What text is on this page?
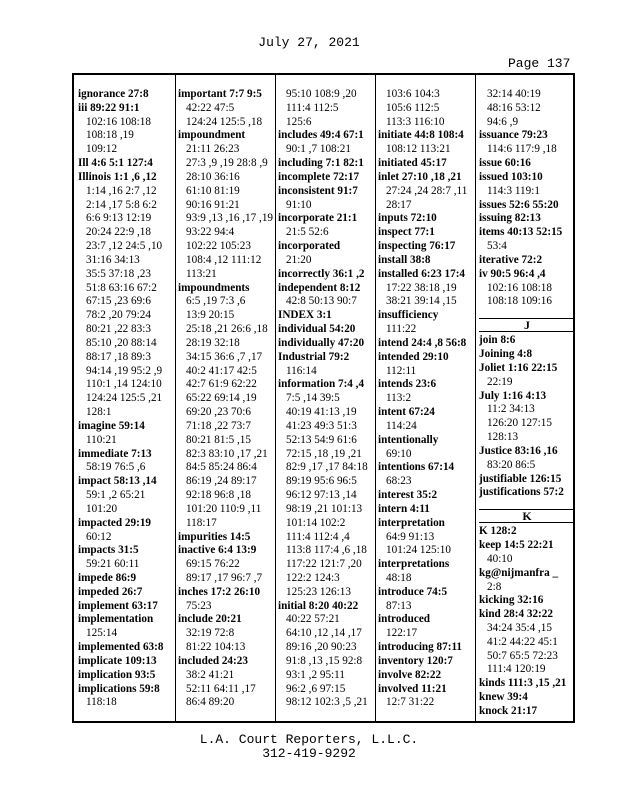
July 27, 2021
Page 137
ignorance 27:8
iii 89:22 91:1
102:16 108:18
108:18 ,19
109:12
Ill 4:6 5:1 127:4
Illinois 1:1 ,6 ,12
1:14 ,16 2:7 ,12
2:14 ,17 5:8 6:2
6:6 9:13 12:19
20:24 22:9 ,18
23:7 ,12 24:5 ,10
31:16 34:13
35:5 37:18 ,23
51:8 63:16 67:2
67:15 ,23 69:6
78:2 ,20 79:24
80:21 ,22 83:3
85:10 ,20 88:14
88:17 ,18 89:3
94:14 ,19 95:2 ,9
110:1 ,14 124:10
124:24 125:5 ,21
128:1
imagine 59:14
110:21
immediate 7:13
58:19 76:5 ,6
impact 58:13 ,14
59:1 ,2 65:21
101:20
impacted 29:19
60:12
impacts 31:5
59:21 60:11
impede 86:9
impeded 26:7
implement 63:17
implementation
125:14
implemented 63:8
implicate 109:13
implication 93:5
implications 59:8
118:18
important 7:7 9:5
42:22 47:5
124:24 125:5 ,18
impoundment
21:11 26:23
27:3 ,9 ,19 28:8 ,9
28:10 36:16
61:10 81:19
90:16 91:21
93:9 ,13 ,16 ,17 ,19
93:22 94:4
102:22 105:23
108:4 ,12 111:12
113:21
impoundments
6:5 ,19 7:3 ,6
13:9 20:15
25:18 ,21 26:6 ,18
28:19 32:18
34:15 36:6 ,7 ,17
40:2 41:17 42:5
42:7 61:9 62:22
65:22 69:14 ,19
69:20 ,23 70:6
71:18 ,22 73:7
80:21 81:5 ,15
82:3 83:10 ,17 ,21
84:5 85:24 86:4
86:19 ,24 89:17
92:18 96:8 ,18
101:20 110:9 ,11
118:17
impurities 14:5
inactive 6:4 13:9
69:15 76:22
89:17 ,17 96:7 ,7
inches 17:2 26:10
75:23
include 20:21
32:19 72:8
81:22 104:13
included 24:23
38:2 41:21
52:11 64:11 ,17
86:4 89:20
95:10 108:9 ,20
111:4 112:5
125:6
includes 49:4 67:1
90:1 ,7 108:21
including 7:1 82:1
incomplete 72:17
inconsistent 91:7
91:10
incorporate 21:1
21:5 52:6
incorporated
21:20
incorrectly 36:1 ,2
independent 8:12
42:8 50:13 90:7
INDEX 3:1
individual 54:20
individually 47:20
Industrial 79:2
116:14
information 7:4 ,4
7:5 ,14 39:5
40:19 41:13 ,19
41:23 49:3 51:3
52:13 54:9 61:6
72:15 ,18 ,19 ,21
82:9 ,17 ,17 84:18
89:19 95:6 96:5
96:12 97:13 ,14
98:19 ,21 101:13
101:14 102:2
111:4 112:4 ,4
113:8 117:4 ,6 ,18
117:22 121:7 ,20
122:2 124:3
125:23 126:13
initial 8:20 40:22
40:22 57:21
64:10 ,12 ,14 ,17
89:16 ,20 90:23
91:8 ,13 ,15 92:8
93:1 ,2 95:11
96:2 ,6 97:15
98:12 102:3 ,5 ,21
103:6 104:3
105:6 112:5
113:3 116:10
initiate 44:8 108:4
108:12 113:21
initiated 45:17
inlet 27:10 ,18 ,21
27:24 ,24 28:7 ,11
28:17
inputs 72:10
inspect 77:1
inspecting 76:17
install 38:8
installed 6:23 17:4
17:22 38:18 ,19
38:21 39:14 ,15
insufficiency
111:22
intend 24:4 ,8 56:8
intended 29:10
112:11
intends 23:6
113:2
intent 67:24
114:24
intentionally
69:10
intentions 67:14
68:23
interest 35:2
intern 4:11
interpretation
64:9 91:13
101:24 125:10
interpretations
48:18
introduce 74:5
87:13
introduced
122:17
introducing 87:11
inventory 120:7
involve 82:22
involved 11:21
12:7 31:22
32:14 40:19
48:16 53:12
94:6 ,9
issuance 79:23
114:6 117:9 ,18
issue 60:16
issued 103:10
114:3 119:1
issues 52:6 55:20
issuing 82:13
items 40:13 52:15
53:4
iterative 72:2
iv 90:5 96:4 ,4
102:16 108:18
108:18 109:16
J
join 8:6
Joining 4:8
Joliet 1:16 22:15
22:19
July 1:16 4:13
11:2 34:13
126:20 127:15
128:13
Justice 83:16 ,16
83:20 86:5
justifiable 126:15
justifications 57:2
K
K 128:2
keep 14:5 22:21
40:10
kg@nijmanfra _
2:8
kicking 32:16
kind 28:4 32:22
34:24 35:4 ,15
41:2 44:22 45:1
50:7 65:5 72:23
111:4 120:19
kinds 111:3 ,15 ,21
knew 39:4
knock 21:17
L.A. Court Reporters, L.L.C.
312-419-9292
